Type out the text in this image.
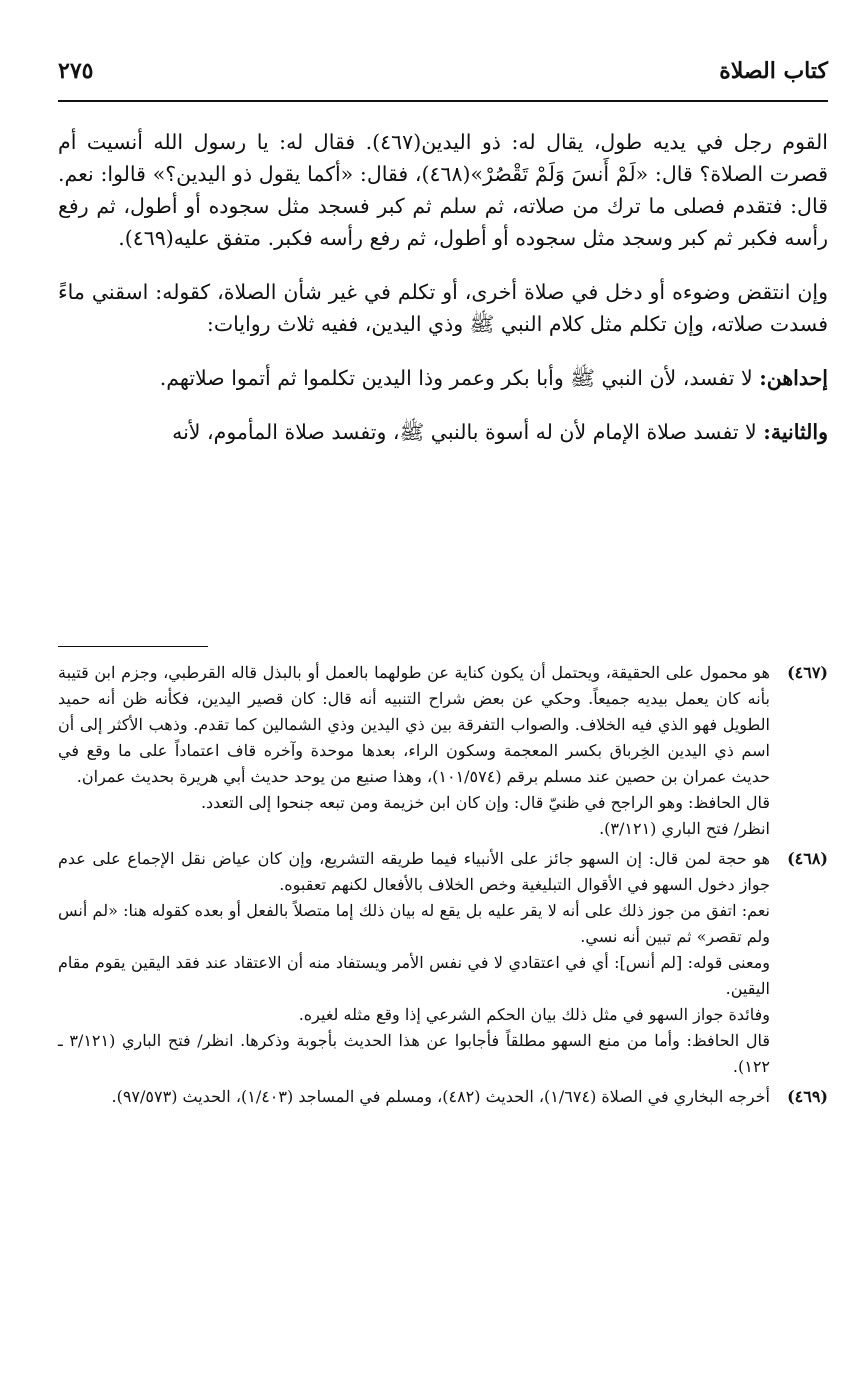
كتاب الصلاة
٢٧٥

القوم رجل في يديه طول، يقال له: ذو اليدين(٤٦٧). فقال له: يا رسول الله أنسيت أم قصرت الصلاة؟ قال: «لَمْ أَنسَ وَلَمْ تَقْصُرْ»(٤٦٨)، فقال: «أكما يقول ذو اليدين؟» قالوا: نعم. قال: فتقدم فصلى ما ترك من صلاته، ثم سلم ثم كبر فسجد مثل سجوده أو أطول، ثم رفع رأسه فكبر ثم كبر وسجد مثل سجوده أو أطول، ثم رفع رأسه فكبر. متفق عليه(٤٦٩).

وإن انتقض وضوءه أو دخل في صلاة أخرى، أو تكلم في غير شأن الصلاة، كقوله: اسقني ماءً فسدت صلاته، وإن تكلم مثل كلام النبي ﷺ وذي اليدين، ففيه ثلاث روايات:

إحداهن: لا تفسد، لأن النبي ﷺ وأبا بكر وعمر وذا اليدين تكلموا ثم أتموا صلاتهم.

والثانية: لا تفسد صلاة الإمام لأن له أسوة بالنبي ﷺ، وتفسد صلاة المأموم، لأنه

(٤٦٧)

هو محمول على الحقيقة، ويحتمل أن يكون كناية عن طولهما بالعمل أو بالبذل قاله القرطبي، وجزم ابن قتيبة بأنه كان يعمل بيديه جميعاً. وحكي عن بعض شراح التنبيه أنه قال: كان قصير اليدين، فكأنه ظن أنه حميد الطويل فهو الذي فيه الخلاف. والصواب التفرقة بين ذي اليدين وذي الشمالين كما تقدم. وذهب الأكثر إلى أن اسم ذي اليدين الخِرباق بكسر المعجمة وسكون الراء، بعدها موحدة وآخره قاف اعتماداً على ما وقع في حديث عمران بن حصين عند مسلم برقم (١٠١/٥٧٤)، وهذا صنيع من يوحد حديث أبي هريرة بحديث عمران.

قال الحافظ: وهو الراجح في ظنيّ قال: وإن كان ابن خزيمة ومن تبعه جنحوا إلى التعدد.

انظر/ فتح الباري (٣/١٢١).

(٤٦٨)

هو حجة لمن قال: إن السهو جائز على الأنبياء فيما طريقه التشريع، وإن كان عياض نقل الإجماع على عدم جواز دخول السهو في الأقوال التبليغية وخص الخلاف بالأفعال لكنهم تعقبوه.

نعم: اتفق من جوز ذلك على أنه لا يقر عليه بل يقع له بيان ذلك إما متصلاً بالفعل أو بعده كقوله هنا: «لم أنس ولم تقصر» ثم تبين أنه نسي.

ومعنى قوله: [لم أنس]: أي في اعتقادي لا في نفس الأمر ويستفاد منه أن الاعتقاد عند فقد اليقين يقوم مقام اليقين.

وفائدة جواز السهو في مثل ذلك بيان الحكم الشرعي إذا وقع مثله لغيره.

قال الحافظ: وأما من منع السهو مطلقاً فأجابوا عن هذا الحديث بأجوبة وذكرها. انظر/ فتح الباري (٣/١٢١ ـ ١٢٢).

(٤٦٩)

أخرجه البخاري في الصلاة (١/٦٧٤)، الحديث (٤٨٢)، ومسلم في المساجد (١/٤٠٣)، الحديث (٩٧/٥٧٣).
